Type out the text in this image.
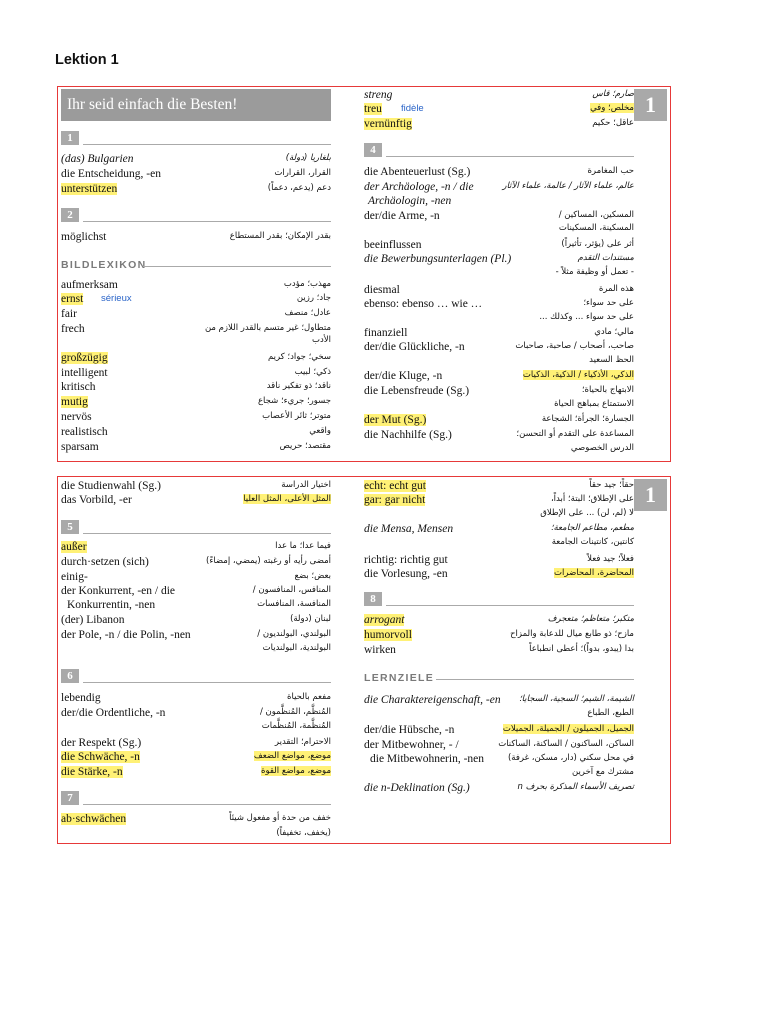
Lektion 1
1
Ihr seid einfach die Besten!
1
(das) Bulgarien	بلغاريا (دولة)
die Entscheidung, -en	القرار، القرارات
unterstützen	دعم (يدعم، دعماً)
2
möglichst	بقدر الإمكان؛ بقدر المستطاع
BILDLEXIKON
aufmerksam	مهذب؛ مؤدب
ernst sérieux	جاد؛ رزين
fair	عادل؛ منصف
frech	متطاول؛ غير متسم بالقدر اللازم من
الأدب
großzügig	سخي؛ جواد؛ كريم
intelligent	ذكي؛ لبيب
kritisch	ناقد؛ ذو تفكير ناقد
mutig	جسور؛ جريء؛ شجاع
nervös	متوتر؛ ثائر الأعصاب
realistisch	واقعي
sparsam	مقتصد؛ حريص
streng	صارم؛ قاس
treu fidèle	مخلص؛ وفي
vernünftig	عاقل؛ حكيم
4
die Abenteuerlust (Sg.)	حب المغامرة
der Archäologe, -n / die	عالم، علماء الآثار / عالمة، علماء الآثار
Archäologin, -nen
der/die Arme, -n	المسكين، المساكين /
المسكينة، المسكينات
beeinflussen	أثر على (يؤثر، تأثيراً)
die Bewerbungsunterlagen (Pl.)	مستندات التقدم
- تعمل أو وظيفة مثلاً -
diesmal	هذه المرة
ebenso: ebenso … wie …	على حد سواء؛
على حد سواء ... وكذلك ...
finanziell	مالي؛ مادي
der/die Glückliche, -n	صاحب، أصحاب / صاحبة، صاحبات
الحظ السعيد
der/die Kluge, -n	الذكي، الأذكياء / الذكية، الذكيات
die Lebensfreude (Sg.)	الابتهاج بالحياة؛
الاستمتاع بمباهج الحياة
der Mut (Sg.)	الجسارة؛ الجرأة؛ الشجاعة
die Nachhilfe (Sg.)	المساعدة على التقدم أو التحسن؛
الدرس الخصوصي
1
die Studienwahl (Sg.)	اختيار الدراسة
das Vorbild, -er	المثل الأعلى، المثل العليا
5
außer	فيما عدا؛ ما عدا
durch·setzen (sich)	أمضى رأيه أو رغبته (يمضي، إمضاءً)
einig-	بعض؛ بضع
der Konkurrent, -en / die	المنافس، المنافسون /
Konkurrentin, -nen	المنافسة، المنافسات
(der) Libanon	لبنان (دولة)
der Pole, -n / die Polin, -nen	البولندي، البولنديون /
البولندية، البولنديات
6
lebendig	مفعم بالحياة
der/die Ordentliche, -n	المُنظَّم، المُنظَّمون /
المُنظَّمة، المُنظَّمات
der Respekt (Sg.)	الاحترام؛ التقدير
die Schwäche, -n	موضع، مواضع الضعف
die Stärke, -n	موضع، مواضع القوة
7
ab·schwächen	خفف من حدة أو مفعول شيئاً
(يخفف، تخفيفاً)
echt: echt gut	حقاً؛ جيد حقاً
gar: gar nicht	على الإطلاق؛ البتة؛ أبداً،
لا (لم، لن) ... على الإطلاق
die Mensa, Mensen	مطعم، مطاعم الجامعة؛
كانتين، كانتينات الجامعة
richtig: richtig gut	فعلاً؛ جيد فعلاً
die Vorlesung, -en	المحاضرة، المحاضرات
8
arrogant	متكبر؛ متعاظم؛ متعجرف
humorvoll	مازح؛ ذو طابع ميال للدعابة والمزاح
wirken	بدا (يبدو، بدواً)؛ أعطى انطباعاً
LERNZIELE
die Charaktereigenschaft, -en الشيمة، الشيم؛ السجية، السجايا؛
الطبع، الطباع
der/die Hübsche, -n	الجميل، الجميلون / الجميلة، الجميلات
der Mitbewohner, - /	الساكن، الساكنون / الساكنة، الساكنات
die Mitbewohnerin, -nen	في محل سكني (دار، مسكن، غرفة)
مشترك مع آخرين
die n-Deklination (Sg.)	تصريف الأسماء المذكرة بحرف n
